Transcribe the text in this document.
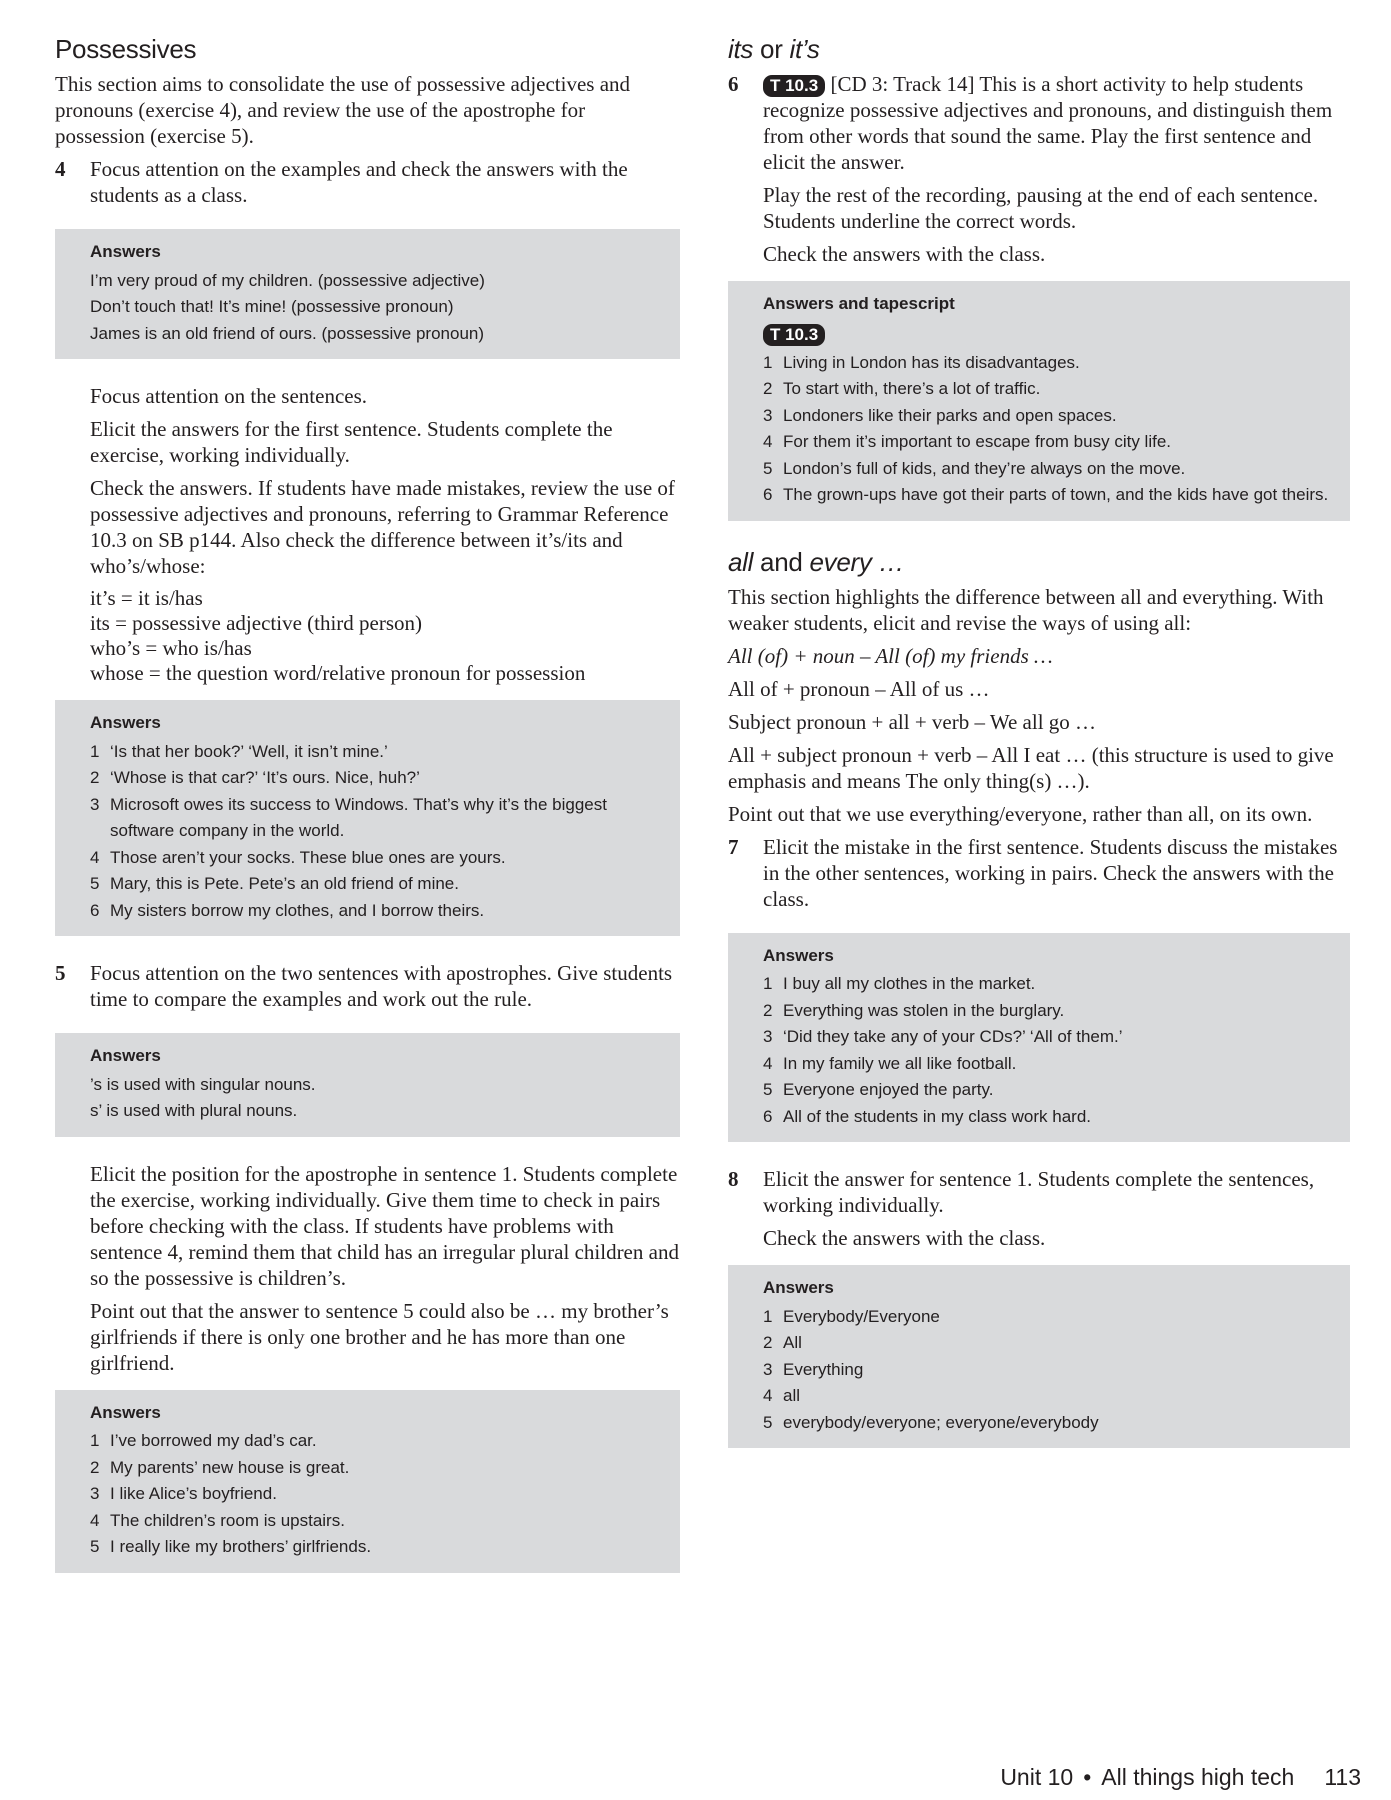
Possessives

This section aims to consolidate the use of possessive adjectives and pronouns (exercise 4), and review the use of the apostrophe for possession (exercise 5).

4	Focus attention on the examples and check the answers with the students as a class.

Answers
I’m very proud of my children. (possessive adjective)
Don’t touch that! It’s mine! (possessive pronoun)
James is an old friend of ours. (possessive pronoun)

Focus attention on the sentences.

Elicit the answers for the first sentence. Students complete the exercise, working individually.

Check the answers. If students have made mistakes, review the use of possessive adjectives and pronouns, referring to Grammar Reference 10.3 on SB p144. Also check the difference between it’s/its and who’s/whose:

it’s = it is/has
its = possessive adjective (third person)
who’s = who is/has
whose = the question word/relative pronoun for possession
Answers
1 ‘Is that her book?’ ‘Well, it isn’t mine.’
2 ‘Whose is that car?’ ‘It’s ours. Nice, huh?’
3 Microsoft owes its success to Windows. That’s why it’s the biggest software company in the world.
4 Those aren’t your socks. These blue ones are yours.
5 Mary, this is Pete. Pete’s an old friend of mine.
6 My sisters borrow my clothes, and I borrow theirs.
5	Focus attention on the two sentences with apostrophes. Give students time to compare the examples and work out the rule.

Answers
’s is used with singular nouns.
s’ is used with plural nouns.

Elicit the position for the apostrophe in sentence 1. Students complete the exercise, working individually. Give them time to check in pairs before checking with the class. If students have problems with sentence 4, remind them that child has an irregular plural children and so the possessive is children’s.

Point out that the answer to sentence 5 could also be … my brother’s girlfriends if there is only one brother and he has more than one girlfriend.

Answers
1 I’ve borrowed my dad’s car.
2 My parents’ new house is great.
3 I like Alice’s boyfriend.
4 The children’s room is upstairs.
5 I really like my brothers’ girlfriends.
its or it’s
6	T 10.3 [CD 3: Track 14] This is a short activity to help students recognize possessive adjectives and pronouns, and distinguish them from other words that sound the same. Play the first sentence and elicit the answer.

Play the rest of the recording, pausing at the end of each sentence. Students underline the correct words.

Check the answers with the class.

Answers and tapescript
T 10.3
1 Living in London has its disadvantages.
2 To start with, there’s a lot of traffic.
3 Londoners like their parks and open spaces.
4 For them it’s important to escape from busy city life.
5 London’s full of kids, and they’re always on the move.
6 The grown-ups have got their parts of town, and the kids have got theirs.
all and every …

This section highlights the difference between all and everything. With weaker students, elicit and revise the ways of using all:

All (of) + noun – All (of) my friends …

All of + pronoun – All of us …

Subject pronoun + all + verb – We all go …

All + subject pronoun + verb – All I eat … (this structure is used to give emphasis and means The only thing(s) …).

Point out that we use everything/everyone, rather than all, on its own.

7	Elicit the mistake in the first sentence. Students discuss the mistakes in the other sentences, working in pairs. Check the answers with the class.

Answers
1 I buy all my clothes in the market.
2 Everything was stolen in the burglary.
3 ‘Did they take any of your CDs?’ ‘All of them.’
4 In my family we all like football.
5 Everyone enjoyed the party.
6 All of the students in my class work hard.
8	Elicit the answer for sentence 1. Students complete the sentences, working individually.

Check the answers with the class.

Answers
1 Everybody/Everyone
2 All
3 Everything
4 all
5 everybody/everyone; everyone/everybody
Unit 10 • All things high tech 113
